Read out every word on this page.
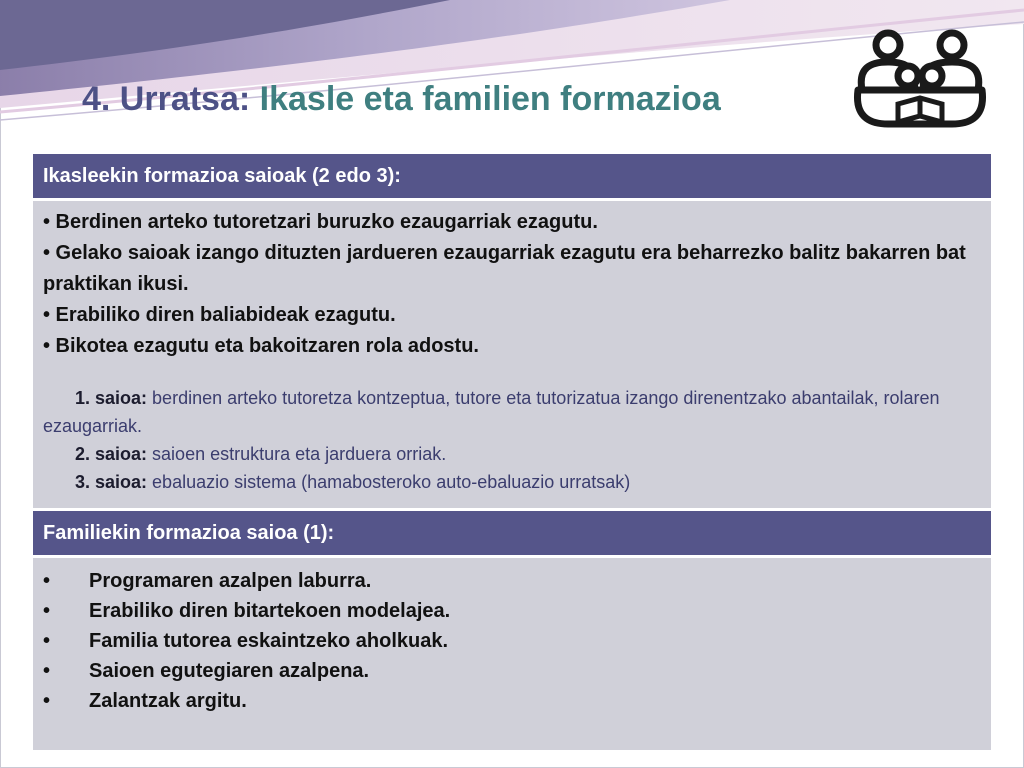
4. Urratsa: Ikasle eta familien formazioa
Ikasleekin formazioa saioak (2 edo 3):

• Berdinen arteko tutoretzari buruzko ezaugarriak ezagutu.

• Gelako saioak izango dituzten jardueren ezaugarriak ezagutu era beharrezko balitz bakarren bat praktikan ikusi.

• Erabiliko diren baliabideak ezagutu.

• Bikotea ezagutu eta bakoitzaren rola adostu.

1. saioa: berdinen arteko tutoretza kontzeptua, tutore eta tutorizatua izango direnentzako abantailak, rolaren ezaugarriak.

2. saioa: saioen estruktura eta jarduera orriak.

3. saioa: ebaluazio sistema (hamabosteroko auto-ebaluazio urratsak)

Familiekin formazioa saioa (1):
•	Programaren azalpen laburra.
•	Erabiliko diren bitartekoen modelajea.
•	Familia tutorea eskaintzeko aholkuak.
•	Saioen egutegiaren azalpena.
•	Zalantzak argitu.
